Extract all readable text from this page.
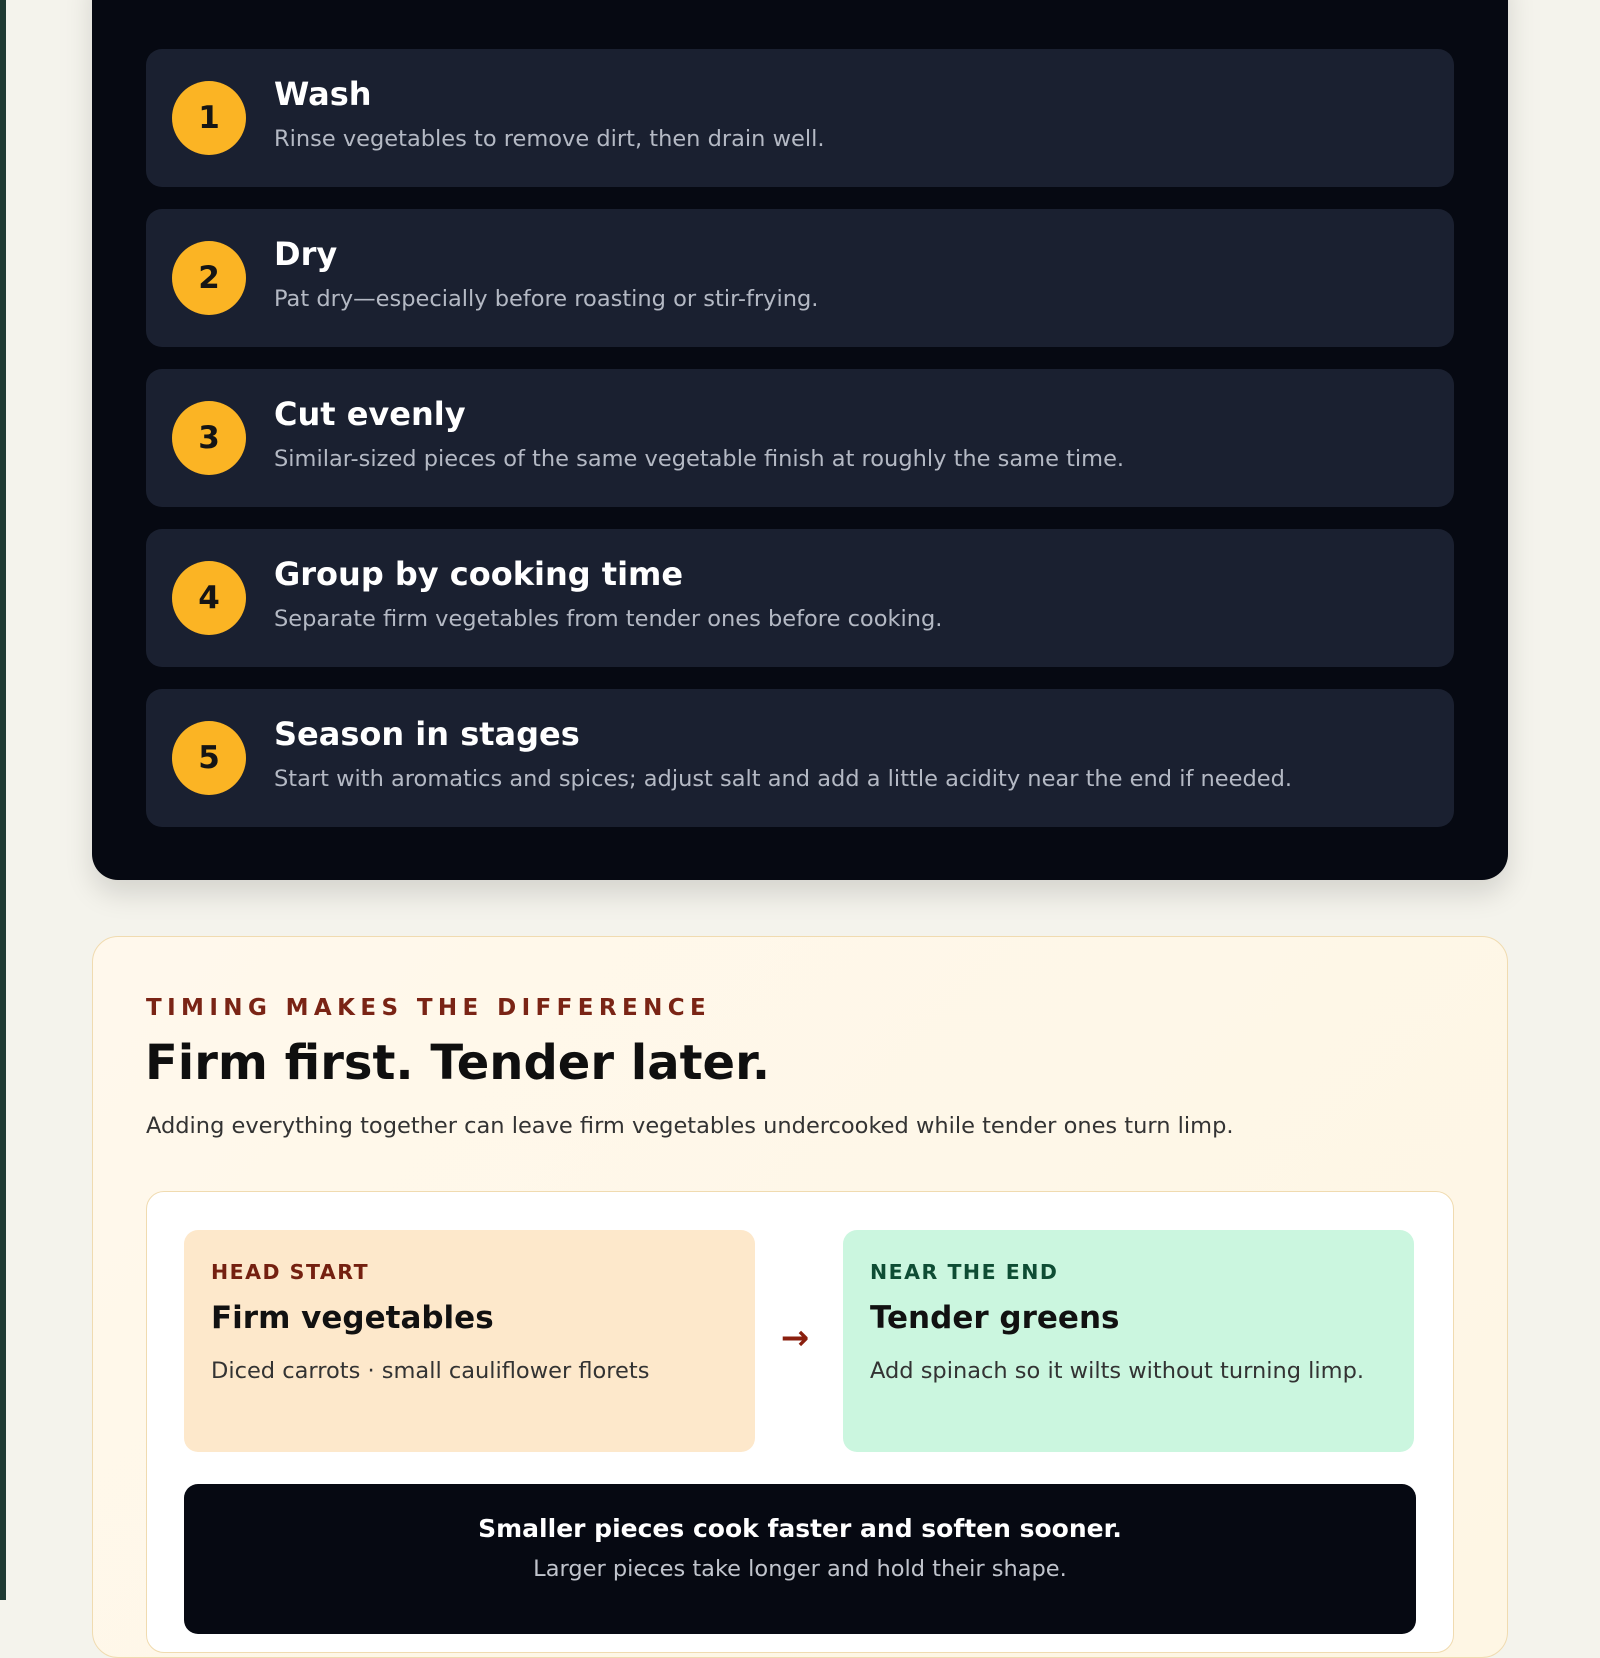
1
Wash
Rinse vegetables to remove dirt, then drain well.
2
Dry
Pat dry—especially before roasting or stir-frying.
3
Cut evenly
Similar-sized pieces of the same vegetable finish at roughly the same time.
4
Group by cooking time
Separate firm vegetables from tender ones before cooking.
5
Season in stages
Start with aromatics and spices; adjust salt and add a little acidity near the end if needed.
TIMING MAKES THE DIFFERENCE
Firm first. Tender later.
Adding everything together can leave firm vegetables undercooked while tender ones turn limp.
HEAD START
Firm vegetables
Diced carrots · small cauliflower florets
→
NEAR THE END
Tender greens
Add spinach so it wilts without turning limp.
Smaller pieces cook faster and soften sooner.
Larger pieces take longer and hold their shape.
